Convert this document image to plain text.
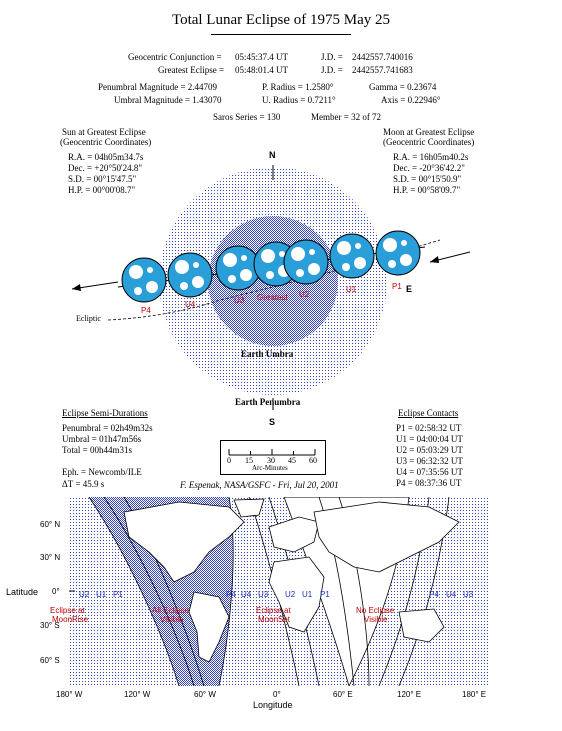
Total Lunar Eclipse of 1975 May 25
Geocentric Conjunction = 05:45:37.4 UT	J.D. = 2442557.740016
Greatest Eclipse = 05:48:01.4 UT	J.D. = 2442557.741683
Penumbral Magnitude = 2.44709
Umbral Magnitude = 1.43070
P. Radius = 1.2580°
U. Radius = 0.7211°
Gamma = 0.23674
Axis = 0.22946°
Saros Series = 130	Member = 32 of 72
Sun at Greatest Eclipse
(Geocentric Coordinates)
R.A. = 04h05m34.7s
Dec. = +20°50'24.8"
S.D. = 00°15'47.5"
H.P. = 00°00'08.7"
Moon at Greatest Eclipse
(Geocentric Coordinates)
R.A. = 16h05m40.2s
Dec. = -20°36'42.2"
S.D. = 00°15'50.9"
H.P. = 00°58'09.7"
N
S
E
Earth Umbra
Earth Penumbra
Ecliptic
P4
U4	U3 Greatest U2
U1	P1
Eclipse Semi-Durations
Penumbral = 02h49m32s
Umbral = 01h47m56s
Total = 00h44m31s
Eclipse Contacts
P1 = 02:58:32 UT
U1 = 04:00:04 UT
U2 = 05:03:29 UT
U3 = 06:32:32 UT
U4 = 07:35:56 UT
P4 = 08:37:36 UT
0 15 30 45 60
Arc-Minutes
Eph. = Newcomb/ILE
ΔT = 45.9 s	F. Espenak, NASA/GSFC - Fri, Jul 20, 2001
60° N
30° N
0°
30° S
60° S
Latitude
180° W	120° W	60° W	0°	60° E	120° E	180° E
Longitude
Eclipse at
MoonRise
All Eclipse
Visible
Eclipse at
MoonSet
No Eclipse
Visible
U2 U1 P1	P4 U4 U3 U2 U1 P1	P4 U4 U3
